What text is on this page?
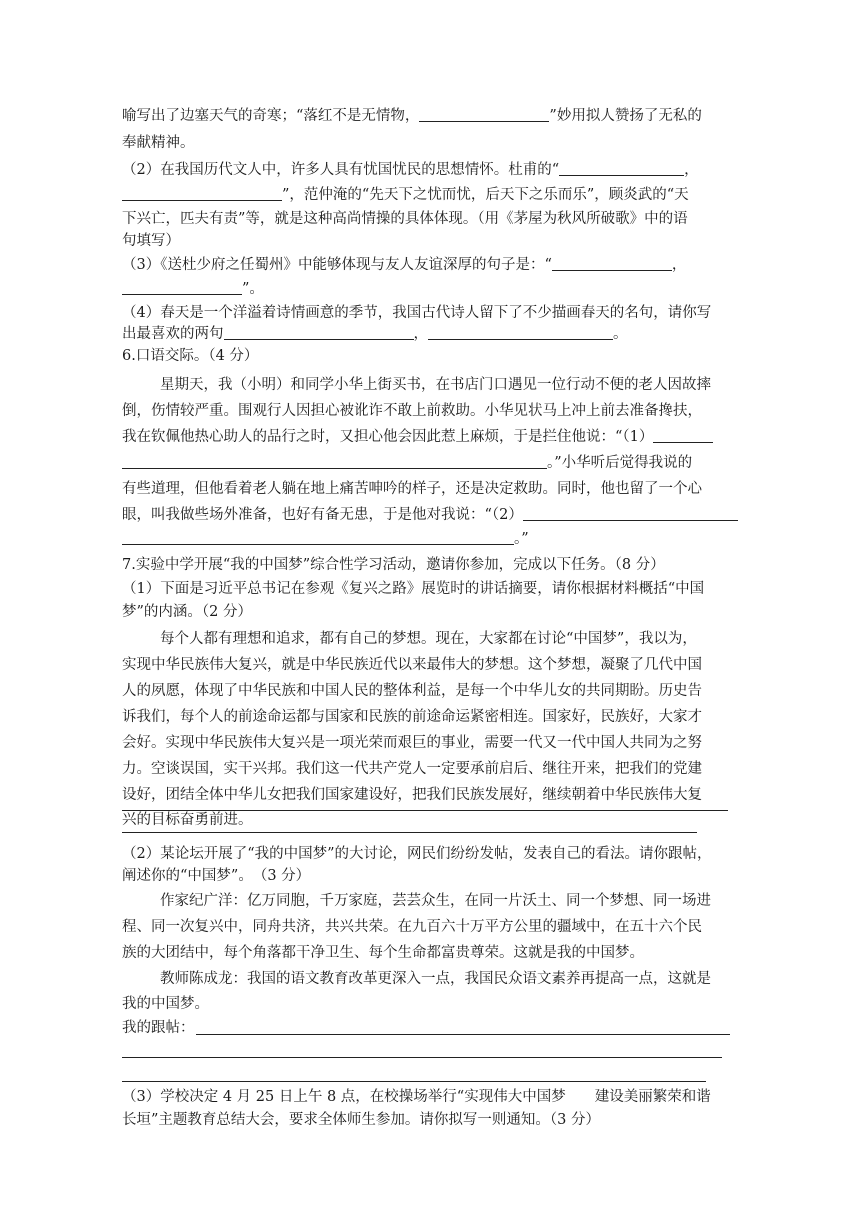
喻写出了边塞天气的奇寒；“落红不是无情物，	”妙用拟人赞扬了无私的
奉献精神。
（2）在我国历代文人中，许多人具有忧国忧民的思想情怀。杜甫的“	，
”，范仲淹的“先天下之忧而忧，后天下之乐而乐”，顾炎武的“天
下兴亡，匹夫有责”等，就是这种高尚情操的具体体现。（用《茅屋为秋风所破歌》中的语
句填写）
（3）《送杜少府之任蜀州》中能够体现与友人友谊深厚的句子是：“	，
”。
（4）春天是一个洋溢着诗情画意的季节，我国古代诗人留下了不少描画春天的名句，请你写
出最喜欢的两句	，	。
6.口语交际。（4 分）
星期天，我（小明）和同学小华上街买书，在书店门口遇见一位行动不便的老人因故摔
倒，伤情较严重。围观行人因担心被讹诈不敢上前救助。小华见状马上冲上前去准备搀扶，
我在钦佩他热心助人的品行之时，又担心他会因此惹上麻烦，于是拦住他说：“（1）
。”小华听后觉得我说的
有些道理，但他看着老人躺在地上痛苦呻吟的样子，还是决定救助。同时，他也留了一个心
眼，叫我做些场外准备，也好有备无患，于是他对我说：“（2）
。”
7.实验中学开展“我的中国梦”综合性学习活动，邀请你参加，完成以下任务。（8 分）
（1）下面是习近平总书记在参观《复兴之路》展览时的讲话摘要，请你根据材料概括“中国
梦”的内涵。（2 分）
每个人都有理想和追求，都有自己的梦想。现在，大家都在讨论“中国梦”，我以为，
实现中华民族伟大复兴，就是中华民族近代以来最伟大的梦想。这个梦想，凝聚了几代中国
人的夙愿，体现了中华民族和中国人民的整体利益，是每一个中华儿女的共同期盼。历史告
诉我们，每个人的前途命运都与国家和民族的前途命运紧密相连。国家好，民族好，大家才
会好。实现中华民族伟大复兴是一项光荣而艰巨的事业，需要一代又一代中国人共同为之努
力。空谈误国，实干兴邦。我们这一代共产党人一定要承前启后、继往开来，把我们的党建
设好，团结全体中华儿女把我们国家建设好，把我们民族发展好，继续朝着中华民族伟大复
兴的目标奋勇前进。
（2）某论坛开展了“我的中国梦”的大讨论，网民们纷纷发帖，发表自己的看法。请你跟帖，
阐述你的“中国梦”。　（3 分）
作家纪广洋：亿万同胞，千万家庭，芸芸众生，在同一片沃土、同一个梦想、同一场进
程、同一次复兴中，同舟共济，共兴共荣。在九百六十万平方公里的疆域中，在五十六个民
族的大团结中，每个角落都干净卫生、每个生命都富贵尊荣。这就是我的中国梦。
教师陈成龙：我国的语文教育改革更深入一点，我国民众语文素养再提高一点，这就是
我的中国梦。
我的跟帖：
（3）学校决定 4 月 25 日上午 8 点，在校操场举行“实现伟大中国梦　　建设美丽繁荣和谐
长垣”主题教育总结大会，要求全体师生参加。请你拟写一则通知。（3 分）
